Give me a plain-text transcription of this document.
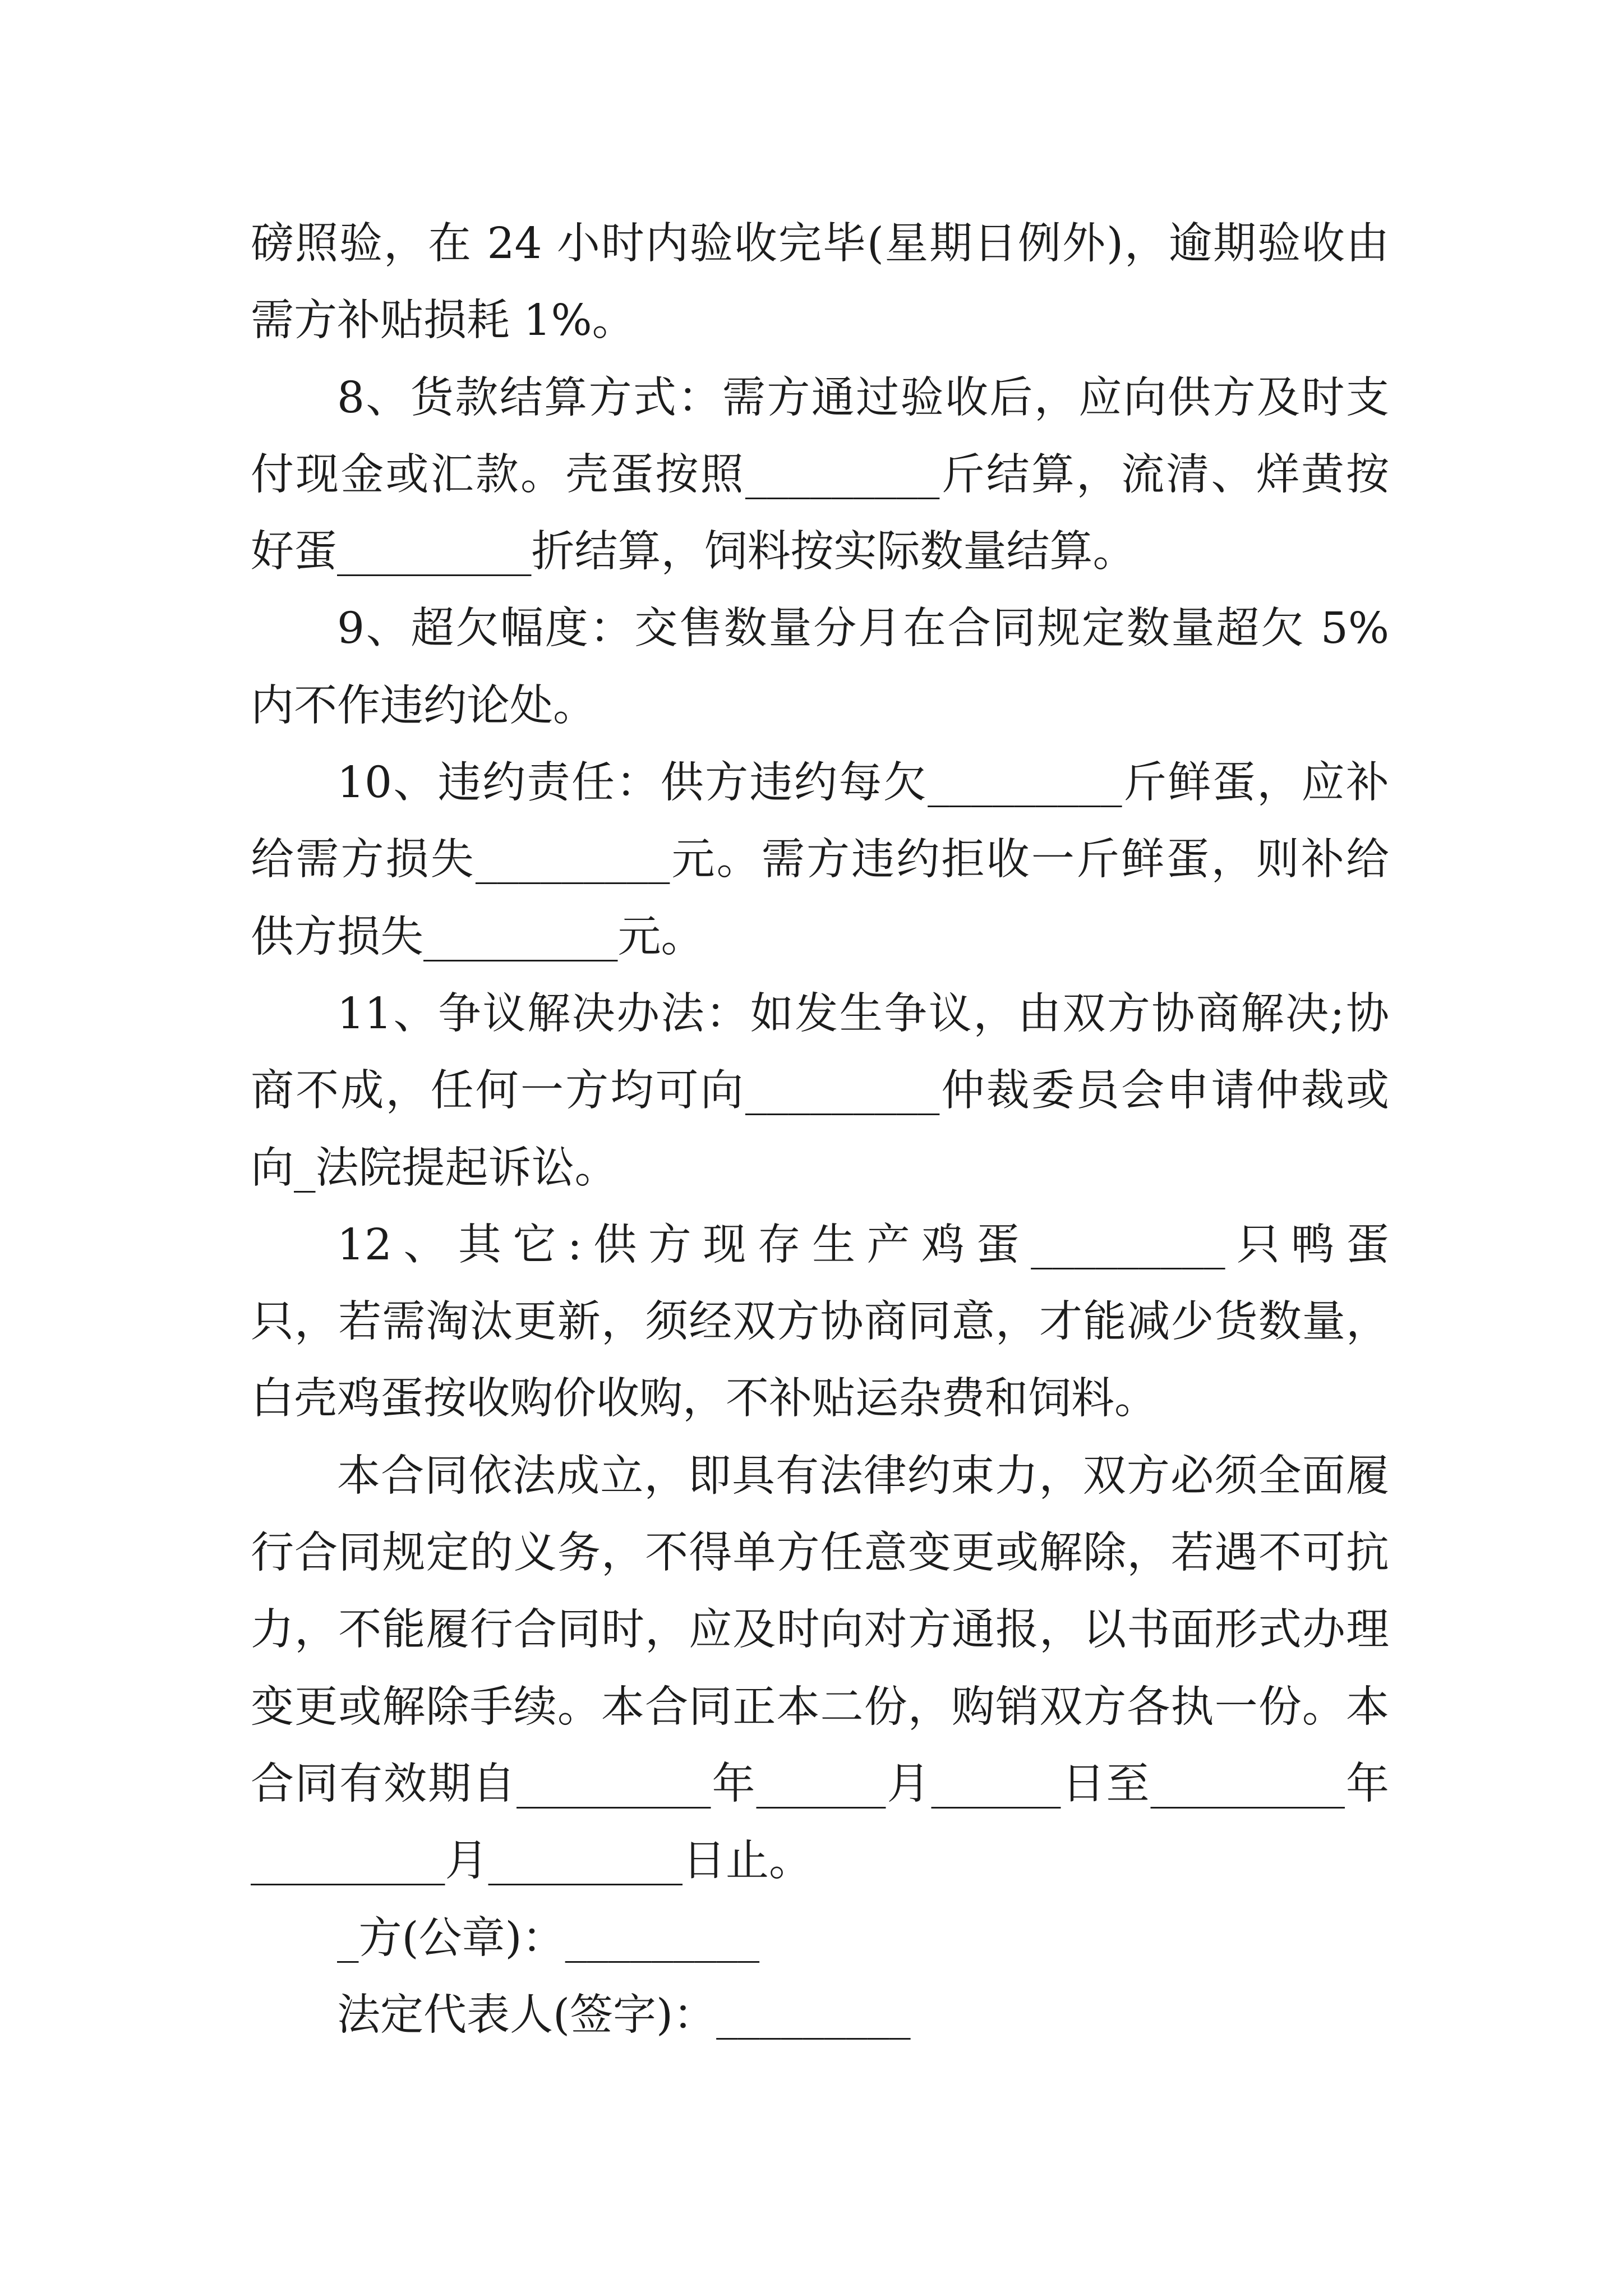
磅照验，在 24 小时内验收完毕(星期日例外)，逾期验收由
需方补贴损耗 1%。
8、货款结算方式：需方通过验收后，应向供方及时支
付现金或汇款。壳蛋按照_________斤结算，流清、烊黄按
好蛋_________折结算，饲料按实际数量结算。
9、超欠幅度：交售数量分月在合同规定数量超欠 5%
内不作违约论处。
10、违约责任：供方违约每欠_________斤鲜蛋，应补
给需方损失_________元。需方违约拒收一斤鲜蛋，则补给
供方损失_________元。
11、争议解决办法：如发生争议，由双方协商解决;协
商不成，任何一方均可向_________仲裁委员会申请仲裁或
向_法院提起诉讼。
12、其它:供方现存生产鸡蛋_________只鸭蛋
只，若需淘汰更新，须经双方协商同意，才能减少货数量，
白壳鸡蛋按收购价收购，不补贴运杂费和饲料。
本合同依法成立，即具有法律约束力，双方必须全面履
行合同规定的义务，不得单方任意变更或解除，若遇不可抗
力，不能履行合同时，应及时向对方通报，以书面形式办理
变更或解除手续。本合同正本二份，购销双方各执一份。本
合同有效期自_________年______月______日至_________年
_________月_________日止。
_方(公章)：_________
法定代表人(签字)：_________
